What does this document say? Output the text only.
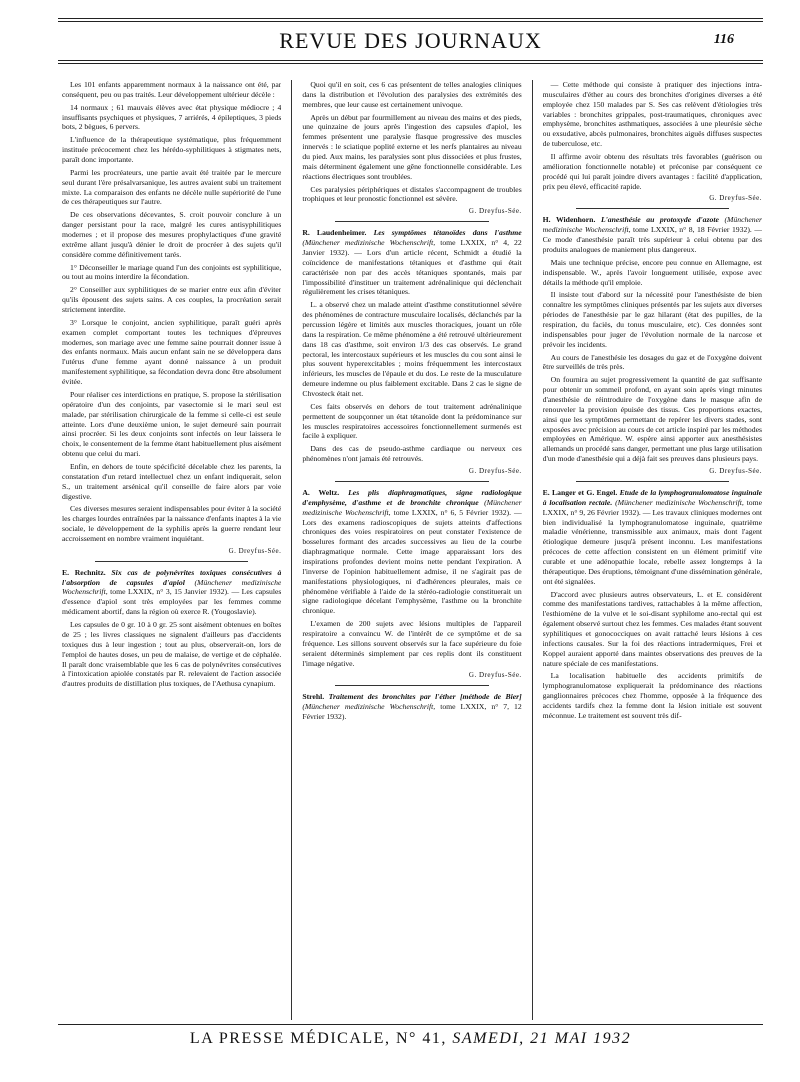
REVUE DES JOURNAUX	116

Les 101 enfants apparemment normaux à la naissance ont été, par conséquent, peu ou pas traités. Leur développement ultérieur décèle :

14 normaux ; 61 mauvais élèves avec état physique médiocre ; 4 insuffisants psychiques et physiques, 7 arriérés, 4 épileptiques, 3 pieds bots, 2 bègues, 6 pervers.

L'influence de la thérapeutique systématique, plus fréquemment instituée précocement chez les hérédo-syphilitiques à stigmates nets, paraît donc importante.

Parmi les procréateurs, une partie avait été traitée par le mercure seul durant l'ère présalvarsanique, les autres avaient subi un traitement mixte. La comparaison des enfants ne décèle nulle supériorité de l'une de ces thérapeutiques sur l'autre.

De ces observations décevantes, S. croit pouvoir conclure à un danger persistant pour la race, malgré les cures antisyphilitiques modernes ; et il propose des mesures prophylactiques d'une gravité extrême allant jusqu'à dénier le droit de procréer à des sujets qu'il considère comme définitivement tarés.

1° Déconseiller le mariage quand l'un des conjoints est syphilitique, ou tout au moins interdire la fécondation.

2° Conseiller aux syphilitiques de se marier entre eux afin d'éviter qu'ils épousent des sujets sains. A ces couples, la procréation serait strictement interdite.

3° Lorsque le conjoint, ancien syphilitique, paraît guéri après examen complet comportant toutes les techniques d'épreuves modernes, son mariage avec une femme saine pourrait donner issue à des enfants normaux. Mais aucun enfant sain ne se développera dans l'utérus d'une femme ayant donné naissance à un produit manifestement syphilitique, sa fécondation devra donc être absolument évitée.

Pour réaliser ces interdictions en pratique, S. propose la stérilisation opératoire d'un des conjoints, par vasectomie si le mari seul est malade, par stérilisation chirurgicale de la femme si celle-ci est seule atteinte. Lors d'une deuxième union, le sujet demeuré sain pourrait ainsi procréer. Si les deux conjoints sont infectés on leur laissera le choix, le consentement de la femme étant habituellement plus aisément obtenu que celui du mari.

Enfin, en dehors de toute spécificité décelable chez les parents, la constatation d'un retard intellectuel chez un enfant indiquerait, selon S., un traitement arsénical qu'il conseille de faire alors par voie digestive.

Ces diverses mesures seraient indispensables pour éviter à la société les charges lourdes entraînées par la naissance d'enfants inaptes à la vie sociale, le développement de la syphilis après la guerre rendant leur accroissement en nombre vraiment inquiétant.

G. Dreyfus-Sée.

E. Rechnitz. Six cas de polynévrites toxiques consécutives à l'absorption de capsules d'apiol (Münchener medizinische Wochenschrift, tome LXXIX, n° 3, 15 Janvier 1932). — Les capsules d'essence d'apiol sont très employées par les femmes comme médicament abortif, dans la région où exerce R. (Yougoslavie).

Les capsules de 0 gr. 10 à 0 gr. 25 sont aisément obtenues en boîtes de 25 ; les livres classiques ne signalent d'ailleurs pas d'accidents toxiques dus à leur ingestion ; tout au plus, observerait-on, lors de l'emploi de hautes doses, un peu de malaise, de vertige et de céphalée. Il paraît donc vraisemblable que les 6 cas de polynévrites consécutives à l'intoxication apiolée constatés par R. relevaient de l'action associée d'autres produits de distillation plus toxiques, de l'Aethusa cynapium.

Quoi qu'il en soit, ces 6 cas présentent de telles analogies cliniques dans la distribution et l'évolution des paralysies des extrémités des membres, que leur cause est certainement univoque.

Après un début par fourmillement au niveau des mains et des pieds, une quinzaine de jours après l'ingestion des capsules d'apiol, les femmes présentent une paralysie flasque progressive des muscles innervés : le sciatique poplité externe et les nerfs plantaires au niveau du pied. Aux mains, les paralysies sont plus dissociées et plus frustes, mais déterminent également une gêne fonctionnelle considérable. Les réactions électriques sont troublées.

Ces paralysies périphériques et distales s'accompagnent de troubles trophiques et leur pronostic fonctionnel est sévère.

G. Dreyfus-Sée.

R. Laudenheimer. Les symptômes tétanoïdes dans l'asthme (Münchener medizinische Wochenschrift, tome LXXIX, n° 4, 22 Janvier 1932). — Lors d'un article récent, Schmidt a étudié la coïncidence de manifestations tétaniques et d'asthme qui était caractérisée non par des accès tétaniques spontanés, mais par l'impossibilité d'instituer un traitement adrénalinique qui déclenchait régulièrement les crises tétaniques.

L. a observé chez un malade atteint d'asthme constitutionnel sévère des phénomènes de contracture musculaire localisés, déclanchés par la percussion légère et limités aux muscles thoraciques, jouant un rôle dans la respiration. Ce même phénomène a été retrouvé ultérieurement dans 18 cas d'asthme, soit environ 1/3 des cas observés. Le grand pectoral, les intercostaux supérieurs et les muscles du cou sont ainsi le plus souvent hyperexcitables ; moins fréquemment les intercostaux inférieurs, les muscles de l'épaule et du dos. Le reste de la musculature demeure indemne ou plus faiblement excitable. Dans 2 cas le signe de Chvosteck était net.

Ces faits observés en dehors de tout traitement adrénalinique permettent de soupçonner un état tétanoïde dont la prédominance sur les muscles respiratoires accessoires fonctionnellement surmenés est facile à expliquer.

Dans des cas de pseudo-asthme cardiaque ou nerveux ces phénomènes n'ont jamais été retrouvés.

G. Dreyfus-Sée.

A. Weltz. Les plis diaphragmatiques, signe radiologique d'emphysème, d'asthme et de bronchite chronique (Münchener medizinische Wochenschrift, tome LXXIX, n° 6, 5 Février 1932). — Lors des examens radioscopiques de sujets atteints d'affections chroniques des voies respiratoires on peut constater l'existence de bosselures formant des arcades successives au lieu de la courbe diaphragmatique normale. Cette image apparaissant lors des inspirations profondes devient moins nette pendant l'expiration. A l'inverse de l'opinion habituellement admise, il ne s'agirait pas de manifestations physiologiques, ni d'adhérences pleurales, mais ce phénomène vérifiable à l'aide de la stéréo-radiologie constituerait un signe radiologique décelant l'emphysème, l'asthme ou la bronchite chronique.

L'examen de 200 sujets avec lésions multiples de l'appareil respiratoire a convaincu W. de l'intérêt de ce symptôme et de sa fréquence. Les sillons souvent observés sur la face supérieure du foie seraient déterminés simplement par ces replis dont ils constituent l'image négative.

G. Dreyfus-Sée.

Strehl. Traitement des bronchites par l'éther [méthode de Bier] (Münchener medizinische Wochenschrift, tome LXXIX, n° 7, 12 Février 1932).

— Cette méthode qui consiste à pratiquer des injections intra-musculaires d'éther au cours des bronchites d'origines diverses a été employée chez 150 malades par S. Ses cas relèvent d'étiologies très variables : bronchites grippales, post-traumatiques, chroniques avec emphysème, bronchites asthmatiques, associées à une pleurésie sèche ou exsudative, abcès pulmonaires, bronchites aiguës diffuses suspectes de tuberculose, etc.

Il affirme avoir obtenu des résultats très favorables (guérison ou amélioration fonctionnelle notable) et préconise par conséquent ce procédé qui lui paraît joindre divers avantages : facilité d'application, prix peu élevé, efficacité rapide.

G. Dreyfus-Sée.

H. Widenhorn. L'anesthésie au protoxyde d'azote (Münchener medizinische Wochenschrift, tome LXXIX, n° 8, 18 Février 1932). — Ce mode d'anesthésie paraît très supérieur à celui obtenu par des produits analogues de maniement plus dangereux.

Mais une technique précise, encore peu connue en Allemagne, est indispensable. W., après l'avoir longuement utilisée, expose avec détails la méthode qu'il emploie.

Il insiste tout d'abord sur la nécessité pour l'anesthésiste de bien connaître les symptômes cliniques présentés par les sujets aux diverses périodes de l'anesthésie par le gaz hilarant (état des pupilles, de la respiration, du faciès, du tonus musculaire, etc). Ces données sont indispensables pour juger de l'évolution normale de la narcose et prévoir les incidents.

Au cours de l'anesthésie les dosages du gaz et de l'oxygène doivent être surveillés de très près.

On fournira au sujet progressivement la quantité de gaz suffisante pour obtenir un sommeil profond, en ayant soin après vingt minutes d'anesthésie de réintroduire de l'oxygène dans le masque afin de renouveler la provision épuisée des tissus. Ces proportions exactes, ainsi que les symptômes permettant de repérer les divers stades, sont exposées avec précision au cours de cet article inspiré par les méthodes employées en Amérique. W. espère ainsi apporter aux anesthésistes allemands un procédé sans danger, permettant une plus large utilisation d'un mode d'anesthésie qui a déjà fait ses preuves dans plusieurs pays.

G. Dreyfus-Sée.

E. Langer et G. Engel. Etude de la lymphogranulomatose inguinale à localisation rectale. (Münchener medizinische Wochenschrift, tome LXXIX, n° 9, 26 Février 1932). — Les travaux cliniques modernes ont bien individualisé la lymphogranulomatose inguinale, quatrième maladie vénérienne, transmissible aux animaux, mais dont l'agent étiologique demeure jusqu'à présent inconnu. Les manifestations précoces de cette affection consistent en un élément primitif vite curable et une adénopathie locale, rebelle assez longtemps à la thérapeutique. Des éruptions, témoignant d'une dissémination générale, ont été signalées.

D'accord avec plusieurs autres observateurs, L. et E. considèrent comme des manifestations tardives, rattachables à la même affection, l'esthiomène de la vulve et le soi-disant syphilome ano-rectal qui est également observé surtout chez les femmes. Ces malades étant souvent syphilitiques et gonococciques on avait rattaché leurs lésions à ces infections causales. Sur la foi des réactions intradermiques, Frei et Koppel auraient apporté dans maintes observations des preuves de la nature spéciale de ces manifestations.

La localisation habituelle des accidents primitifs de lymphogranulomatose expliquerait la prédominance des réactions ganglionnaires précoces chez l'homme, opposée à la fréquence des accidents tardifs chez la femme dont la lésion initiale est souvent méconnue. Le traitement est souvent très dif-

LA PRESSE MÉDICALE, N° 41, SAMEDI, 21 MAI 1932
